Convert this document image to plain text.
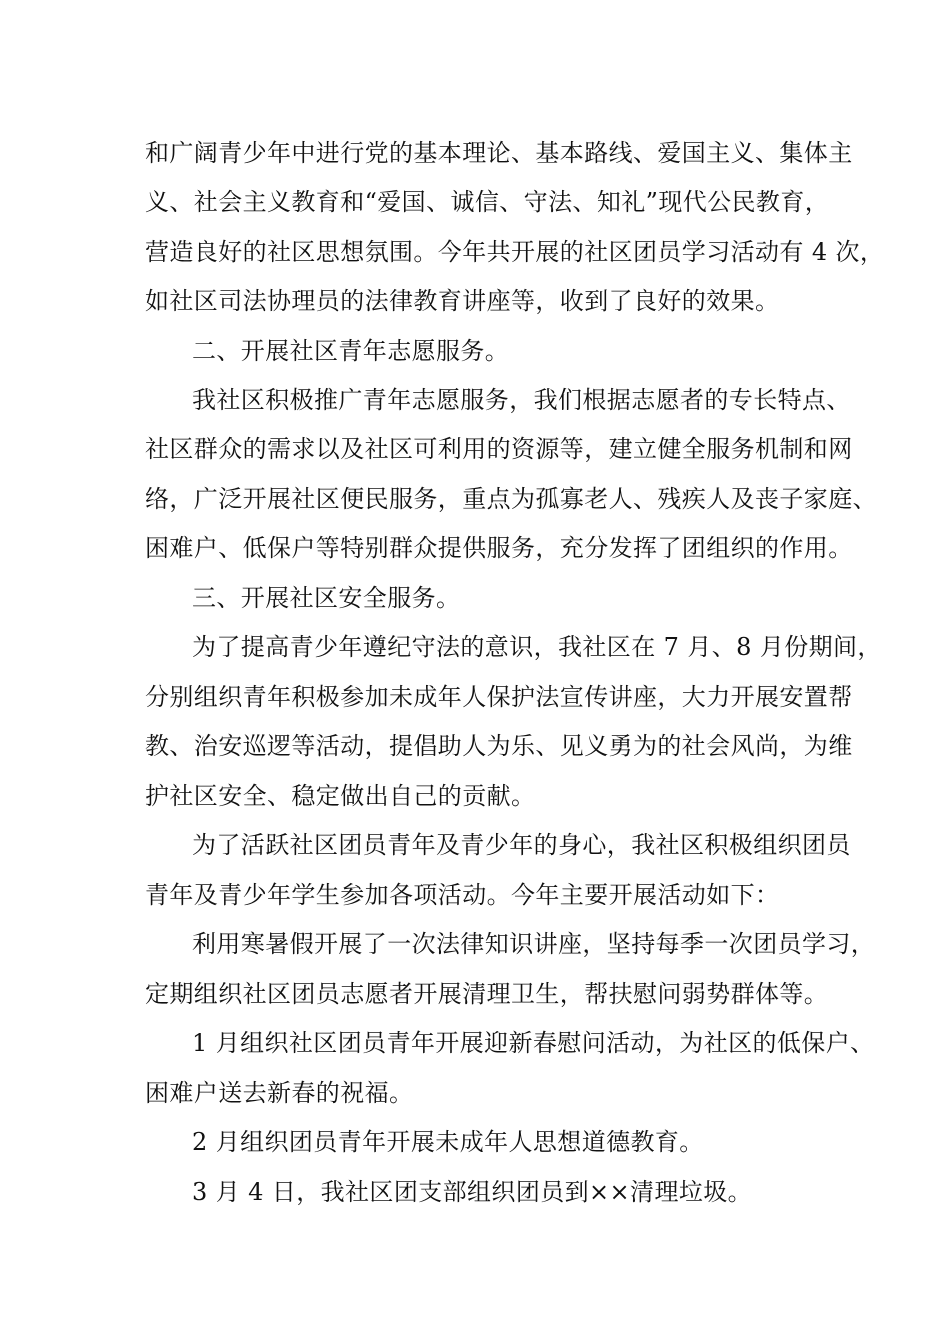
和广阔青少年中进行党的基本理论、基本路线、爱国主义、集体主
义、社会主义教育和“爱国、诚信、守法、知礼”现代公民教育，
营造良好的社区思想氛围。今年共开展的社区团员学习活动有 4 次，
如社区司法协理员的法律教育讲座等，收到了良好的效果。
二、开展社区青年志愿服务。
我社区积极推广青年志愿服务，我们根据志愿者的专长特点、
社区群众的需求以及社区可利用的资源等，建立健全服务机制和网
络，广泛开展社区便民服务，重点为孤寡老人、残疾人及丧子家庭、
困难户、低保户等特别群众提供服务，充分发挥了团组织的作用。
三、开展社区安全服务。
为了提高青少年遵纪守法的意识，我社区在 7 月、8 月份期间，
分别组织青年积极参加未成年人保护法宣传讲座，大力开展安置帮
教、治安巡逻等活动，提倡助人为乐、见义勇为的社会风尚，为维
护社区安全、稳定做出自己的贡献。
为了活跃社区团员青年及青少年的身心，我社区积极组织团员
青年及青少年学生参加各项活动。今年主要开展活动如下：
利用寒暑假开展了一次法律知识讲座，坚持每季一次团员学习，
定期组织社区团员志愿者开展清理卫生，帮扶慰问弱势群体等。
1 月组织社区团员青年开展迎新春慰问活动，为社区的低保户、
困难户送去新春的祝福。
2 月组织团员青年开展未成年人思想道德教育。
3 月 4 日，我社区团支部组织团员到××清理垃圾。
